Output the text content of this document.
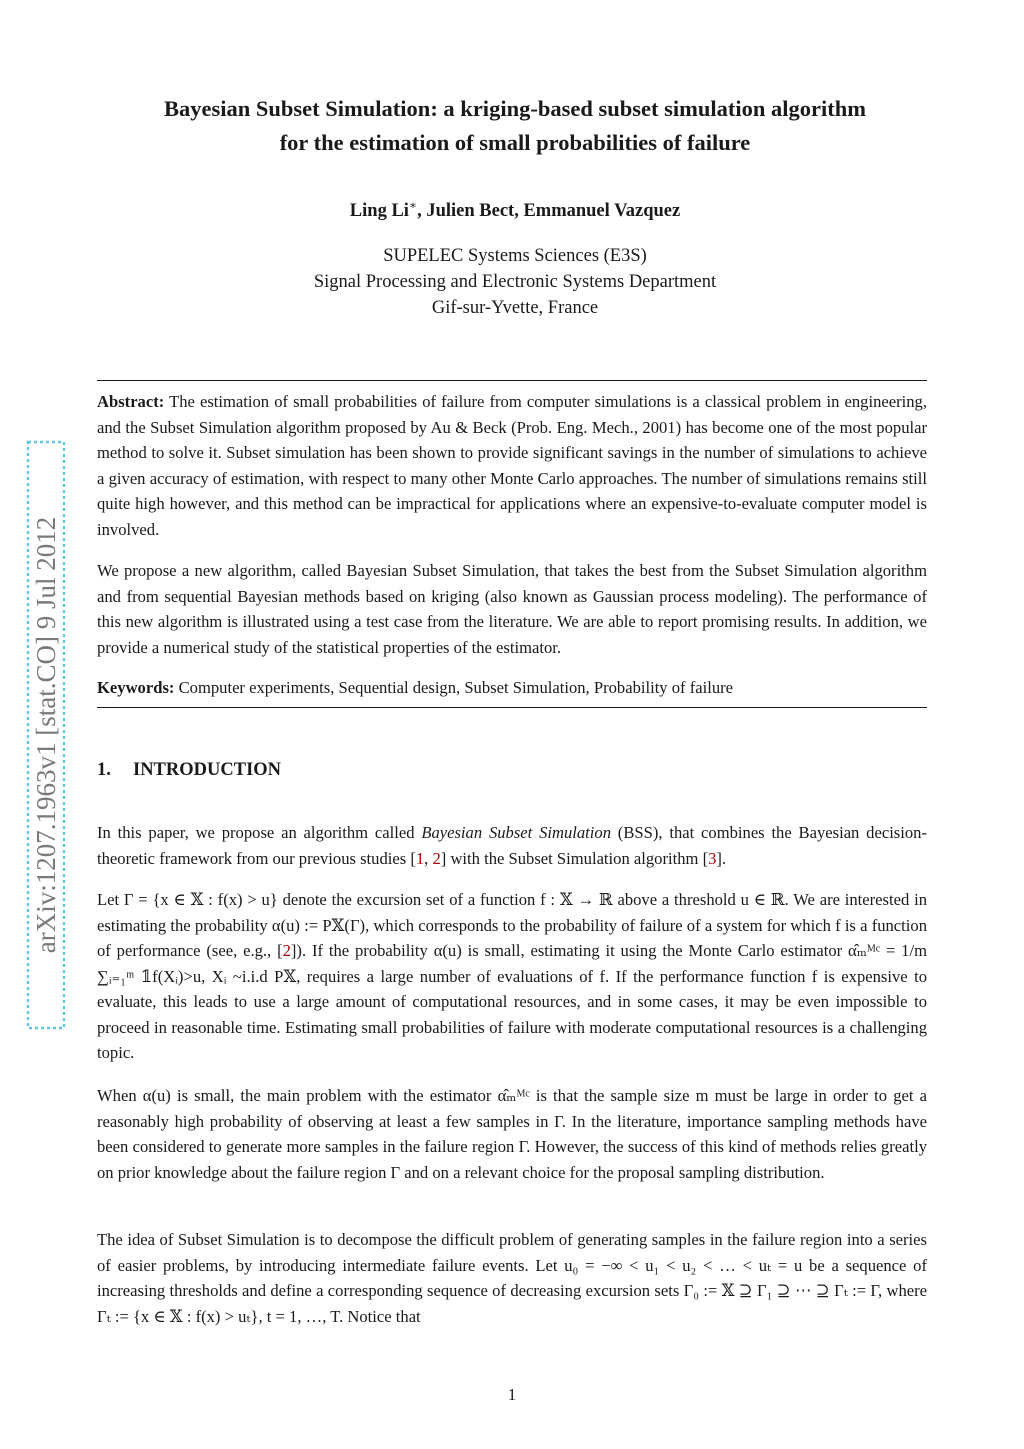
Bayesian Subset Simulation: a kriging-based subset simulation algorithm
for the estimation of small probabilities of failure
Ling Li∗, Julien Bect, Emmanuel Vazquez
SUPELEC Systems Sciences (E3S)
Signal Processing and Electronic Systems Department
Gif-sur-Yvette, France
Abstract: The estimation of small probabilities of failure from computer simulations is a classical problem in engineering, and the Subset Simulation algorithm proposed by Au & Beck (Prob. Eng. Mech., 2001) has become one of the most popular method to solve it. Subset simulation has been shown to provide significant savings in the number of simulations to achieve a given accuracy of estimation, with respect to many other Monte Carlo approaches. The number of simulations remains still quite high however, and this method can be impractical for applications where an expensive-to-evaluate computer model is involved.
We propose a new algorithm, called Bayesian Subset Simulation, that takes the best from the Subset Simulation algorithm and from sequential Bayesian methods based on kriging (also known as Gaussian process modeling). The performance of this new algorithm is illustrated using a test case from the literature. We are able to report promising results. In addition, we provide a numerical study of the statistical properties of the estimator.
Keywords: Computer experiments, Sequential design, Subset Simulation, Probability of failure
1. INTRODUCTION
In this paper, we propose an algorithm called Bayesian Subset Simulation (BSS), that combines the Bayesian decision-theoretic framework from our previous studies [1, 2] with the Subset Simulation algorithm [3].
Let Γ = {x ∈ 𝕏 : f(x) > u} denote the excursion set of a function f : 𝕏 → ℝ above a threshold u ∈ ℝ. We are interested in estimating the probability α(u) := P𝕏(Γ), which corresponds to the probability of failure of a system for which f is a function of performance (see, e.g., [2]). If the probability α(u) is small, estimating it using the Monte Carlo estimator α̂ₘᴹᶜ = 1/m ∑ᵢ₌₁ᵐ 𝟙f(Xᵢ)>u, Xᵢ ~i.i.d P𝕏, requires a large number of evaluations of f. If the performance function f is expensive to evaluate, this leads to use a large amount of computational resources, and in some cases, it may be even impossible to proceed in reasonable time. Estimating small probabilities of failure with moderate computational resources is a challenging topic.
When α(u) is small, the main problem with the estimator α̂ₘᴹᶜ is that the sample size m must be large in order to get a reasonably high probability of observing at least a few samples in Γ. In the literature, importance sampling methods have been considered to generate more samples in the failure region Γ. However, the success of this kind of methods relies greatly on prior knowledge about the failure region Γ and on a relevant choice for the proposal sampling distribution.
The idea of Subset Simulation is to decompose the difficult problem of generating samples in the failure region into a series of easier problems, by introducing intermediate failure events. Let u₀ = −∞ < u₁ < u₂ < … < uₜ = u be a sequence of increasing thresholds and define a corresponding sequence of decreasing excursion sets Γ₀ := 𝕏 ⊇ Γ₁ ⊇ ⋯ ⊇ Γₜ := Γ, where Γₜ := {x ∈ 𝕏 : f(x) > uₜ}, t = 1, …, T. Notice that
1
arXiv:1207.1963v1 [stat.CO] 9 Jul 2012
